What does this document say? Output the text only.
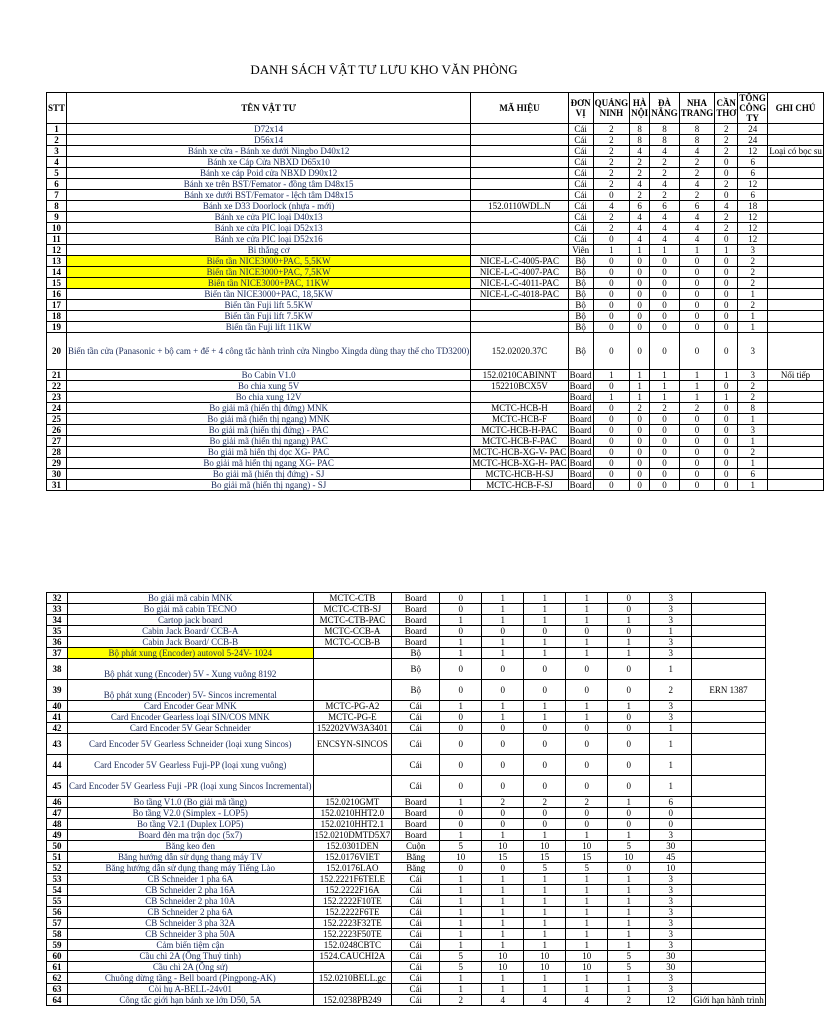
DANH SÁCH VẬT TƯ LƯU KHO VĂN PHÒNG
STT	TÊN VẬT TƯ	MÃ HIỆU	ĐƠN VỊ	QUẢNG NINH	HÀ NỘI	ĐÀ NẴNG	NHA TRANG	CẦN THƠ	TỔNG CÔNG TY	GHI CHÚ
1	D72x14		Cái	2	8	8	8	2	24	
2	D56x14		Cái	2	8	8	8	2	24	
3	Bánh xe cửa - Bánh xe dưới Ningbo D40x12		Cái	2	4	4	4	2	12	Loại có bọc su
4	Bánh xe Cáp Cửa NBXD D65x10		Cái	2	2	2	2	0	6	
5	Bánh xe cáp Poid cửa NBXD D90x12		Cái	2	2	2	2	0	6	
6	Bánh xe trên BST/Femator - đồng tâm D48x15		Cái	2	4	4	4	2	12	
7	Bánh xe dưới BST/Femator - lệch tâm D48x15		Cái	0	2	2	2	0	6	
8	Bánh xe D33 Doorlock (nhựa - mới)	152.0110WDL.N	Cái	4	6	6	6	4	18	
9	Bánh xe cửa PIC loại D40x13		Cái	2	4	4	4	2	12	
10	Bánh xe cửa PIC loại D52x13		Cái	2	4	4	4	2	12	
11	Bánh xe cửa PIC loại D52x16		Cái	0	4	4	4	0	12	
12	Bi thắng cơ		Viên	1	1	1	1	1	3	
13	Biến tần NICE3000+PAC, 5,5KW	NICE-L-C-4005-PAC	Bộ	0	0	0	0	0	2	
14	Biến tần NICE3000+PAC, 7,5KW	NICE-L-C-4007-PAC	Bộ	0	0	0	0	0	2	
15	Biến tần NICE3000+PAC, 11KW	NICE-L-C-4011-PAC	Bộ	0	0	0	0	0	2	
16	Biến tần NICE3000+PAC, 18,5KW	NICE-L-C-4018-PAC	Bộ	0	0	0	0	0	1	
17	Biến tần Fuji lift 5.5KW		Bộ	0	0	0	0	0	2	
18	Biến tần Fuji lift 7.5KW		Bộ	0	0	0	0	0	1	
19	Biến tần Fuji lift 11KW		Bộ	0	0	0	0	0	1	
20	Biến tần cửa (Panasonic + bộ cam + đế + 4 công tắc hành trình cửa Ningbo Xingda dùng thay thế cho TD3200)	152.02020.37C	Bộ	0	0	0	0	0	3	
21	Bo Cabin V1.0	152.0210CABINNT	Board	1	1	1	1	1	3	Nối tiếp
22	Bo chia xung 5V	152210BCX5V	Board	0	1	1	1	0	2	
23	Bo chia xung 12V		Board	1	1	1	1	1	2	
24	Bo giải mã (hiển thị đứng) MNK	MCTC-HCB-H	Board	0	2	2	2	0	8	
25	Bo giải mã (hiển thị ngang) MNK	MCTC-HCB-F	Board	0	0	0	0	0	1	
26	Bo giải mã (hiển thị đứng) - PAC	MCTC-HCB-H-PAC	Board	0	0	0	0	0	3	
27	Bo giải mã (hiển thị ngang) PAC	MCTC-HCB-F-PAC	Board	0	0	0	0	0	1	
28	Bo giải mã hiển thị dọc XG- PAC	MCTC-HCB-XG-V- PAC	Board	0	0	0	0	0	2	
29	Bo giải mã hiển thị ngang XG- PAC	MCTC-HCB-XG-H- PAC	Board	0	0	0	0	0	1	
30	Bo giải mã (hiển thị đứng) - SJ	MCTC-HCB-H-SJ	Board	0	0	0	0	0	6	
31	Bo giải mã (hiển thị ngang) - SJ	MCTC-HCB-F-SJ	Board	0	0	0	0	0	1	
32	Bo giải mã cabin MNK	MCTC-CTB	Board	0	1	1	1	0	3	
33	Bo giải mã cabin TECNO	MCTC-CTB-SJ	Board	0	1	1	1	0	3	
34	Cartop jack board	MCTC-CTB-PAC	Board	1	1	1	1	1	3	
35	Cabin Jack Board/ CCB-A	MCTC-CCB-A	Board	0	0	0	0	0	1	
36	Cabin Jack Board/ CCB-B	MCTC-CCB-B	Board	1	1	1	1	1	3	
37	Bộ phát xung (Encoder) autovol 5-24V- 1024		Bộ	1	1	1	1	1	3	
38	Bộ phát xung (Encoder) 5V - Xung vuông 8192		Bộ	0	0	0	0	0	1	
39	Bộ phát xung (Encoder) 5V- Sincos incremental		Bộ	0	0	0	0	0	2	ERN 1387
40	Card Encoder Gear MNK	MCTC-PG-A2	Cái	1	1	1	1	1	3	
41	Card Encoder Gearless loại SIN/COS MNK	MCTC-PG-E	Cái	0	1	1	1	0	3	
42	Card Encoder 5V Gear Schneider	152202VW3A3401	Cái	0	0	0	0	0	1	
43	Card Encoder 5V Gearless Schneider (loại xung Sincos)	ENCSYN-SINCOS	Cái	0	0	0	0	0	1	
44	Card Encoder 5V Gearless Fuji-PP (loại xung vuông)		Cái	0	0	0	0	0	1	
45	Card Encoder 5V Gearless Fuji -PR (loại xung Sincos Incremental)		Cái	0	0	0	0	0	1	
46	Bo tầng V1.0 (Bo giải mã tầng)	152.0210GMT	Board	1	2	2	2	1	6	
47	Bo tầng V2.0 (Simplex - LOP5)	152.0210HHT2.0	Board	0	0	0	0	0	0	
48	Bo tầng V2.1 (Duplex LOP5)	152.0210HHT2.1	Board	0	0	0	0	0	0	
49	Board đèn ma trận dọc (5x7)	152.0210DMTD5X7	Board	1	1	1	1	1	3	
50	Băng keo đen	152.0301DEN	Cuộn	5	10	10	10	5	30	
51	Băng hướng dẫn sử dụng thang máy TV	152.0176VIET	Băng	10	15	15	15	10	45	
52	Băng hướng dẫn sử dụng thang máy Tiếng Lào	152.0176LAO	Băng	0	0	5	5	0	10	
53	CB Schneider 1 pha 6A	152.2221F6TELE	Cái	1	1	1	1	1	3	
54	CB Schneider 2 pha 16A	152.2222F16A	Cái	1	1	1	1	1	3	
55	CB Schneider 2 pha 10A	152.2222F10TE	Cái	1	1	1	1	1	3	
56	CB Schneider 2 pha 6A	152.2222F6TE	Cái	1	1	1	1	1	3	
57	CB Schneider 3 pha 32A	152.2223F32TE	Cái	1	1	1	1	1	3	
58	CB Schneider 3 pha 50A	152.2223F50TE	Cái	1	1	1	1	1	3	
59	Cảm biến tiệm cận	152.0248CBTC	Cái	1	1	1	1	1	3	
60	Cầu chì 2A (Ống Thuỷ tinh)	1524.CAUCHI2A	Cái	5	10	10	10	5	30	
61	Cầu chì 2A (Ống sứ)		Cái	5	10	10	10	5	30	
62	Chuông dừng tầng - Bell board (Pingpong-AK)	152.0210BELL.gc	Cái	1	1	1	1	1	3	
63	Còi hụ A-BELL-24v01		Cái	1	1	1	1	1	3	
64	Công tắc giới hạn bánh xe lớn D50, 5A	152.0238PB249	Cái	2	4	4	4	2	12	Giới hạn hành trình
